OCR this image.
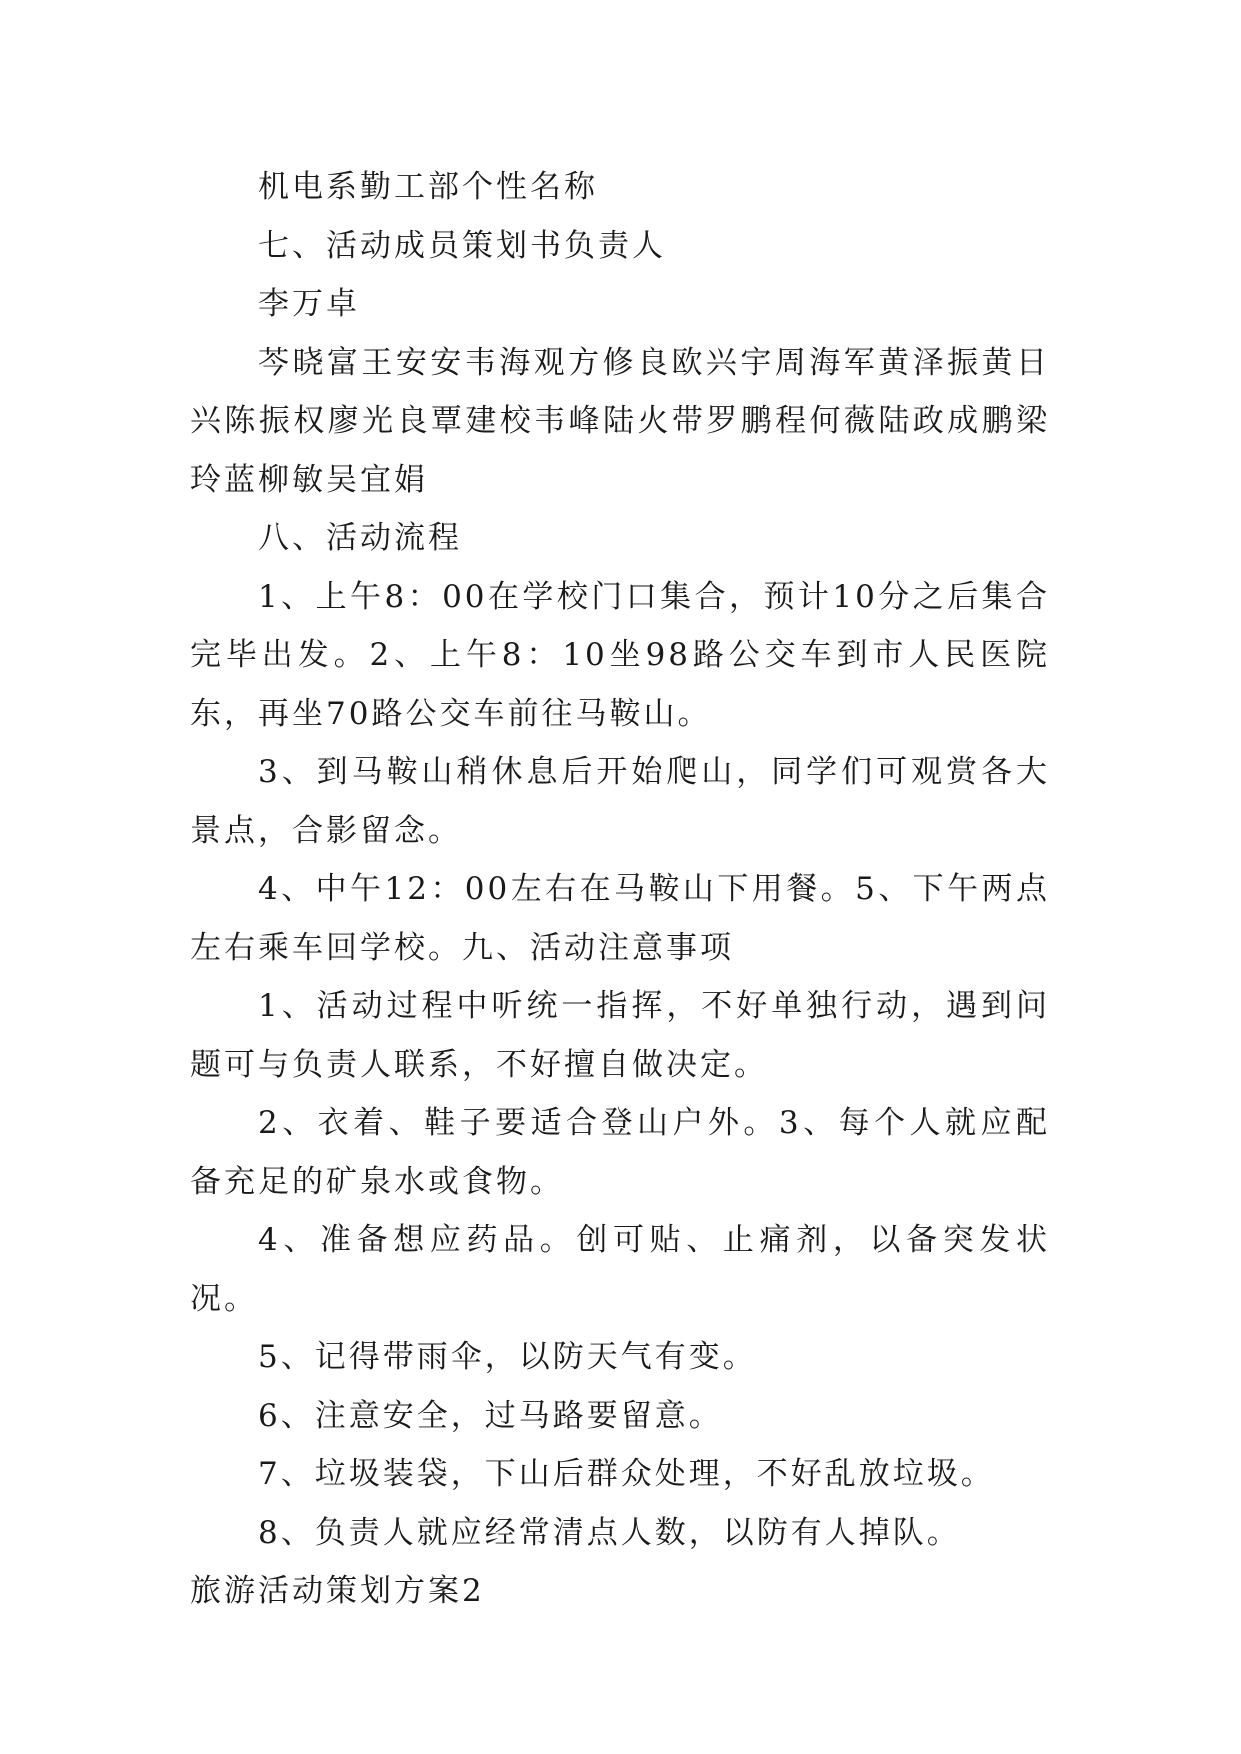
机电系勤工部个性名称

七、活动成员策划书负责人

李万卓

芩晓富王安安韦海观方修良欧兴宇周海军黄泽振黄日兴陈振权廖光良覃建校韦峰陆火带罗鹏程何薇陆政成鹏梁玲蓝柳敏吴宜娟

八、活动流程

1、上午8：00在学校门口集合，预计10分之后集合完毕出发。2、上午8：10坐98路公交车到市人民医院东，再坐70路公交车前往马鞍山。

3、到马鞍山稍休息后开始爬山，同学们可观赏各大景点，合影留念。

4、中午12：00左右在马鞍山下用餐。5、下午两点左右乘车回学校。九、活动注意事项

1、活动过程中听统一指挥，不好单独行动，遇到问题可与负责人联系，不好擅自做决定。

2、衣着、鞋子要适合登山户外。3、每个人就应配备充足的矿泉水或食物。

4、准备想应药品。创可贴、止痛剂，以备突发状况。

5、记得带雨伞，以防天气有变。

6、注意安全，过马路要留意。

7、垃圾装袋，下山后群众处理，不好乱放垃圾。

8、负责人就应经常清点人数，以防有人掉队。

旅游活动策划方案2
